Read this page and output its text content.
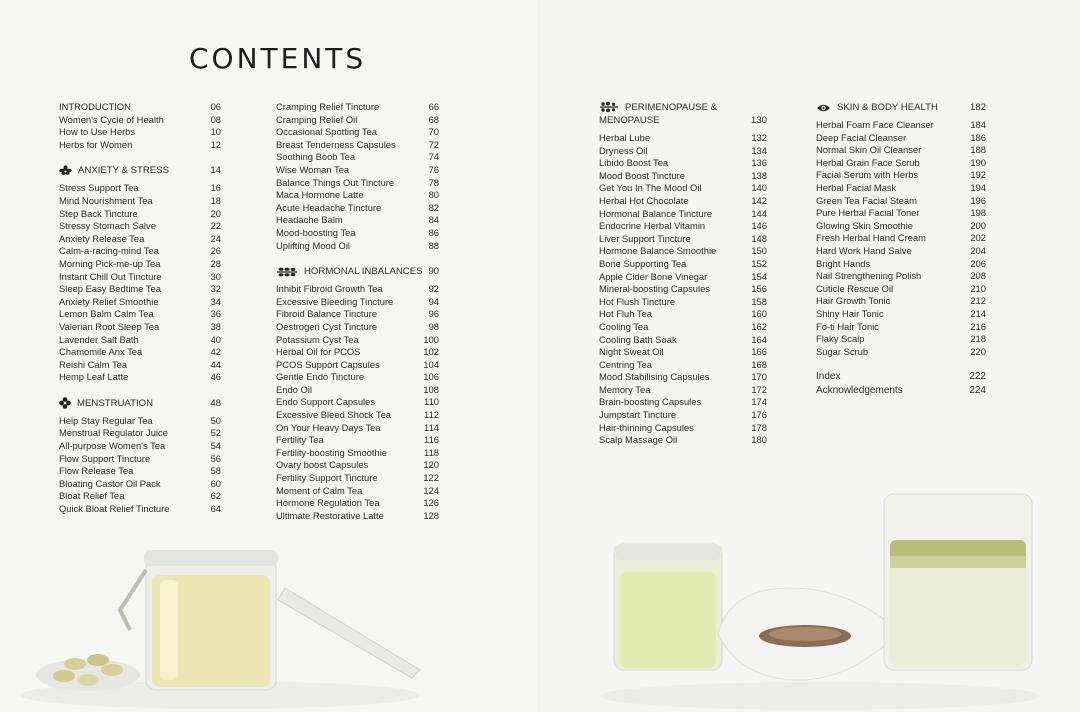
CONTENTS
INTRODUCTION	06
Women's Cycle of Health	08
How to Use Herbs	10
Herbs for Women	12
ANXIETY & STRESS	14
Stress Support Tea	16
Mind Nourishment Tea	18
Step Back Tincture	20
Stressy Stomach Salve	22
Anxiety Release Tea	24
Calm-a-racing-mind Tea	26
Morning Pick-me-up Tea	28
Instant Chill Out Tincture	30
Sleep Easy Bedtime Tea	32
Anxiety Relief Smoothie	34
Lemon Balm Calm Tea	36
Valerian Root Sleep Tea	38
Lavender Salt Bath	40
Chamomile Anx Tea	42
Reishi Calm Tea	44
Hemp Leaf Latte	46
MENSTRUATION	48
Help Stay Regular Tea	50
Menstrual Regulator Juice	52
All-purpose Women's Tea	54
Flow Support Tincture	56
Flow Release Tea	58
Bloating Castor Oil Pack	60
Bloat Relief Tea	62
Quick Bloat Relief Tincture	64
Cramping Relief Tincture	66
Cramping Relief Oil	68
Occasional Spotting Tea	70
Breast Tenderness Capsules	72
Soothing Boob Tea	74
Wise Woman Tea	76
Balance Things Out Tincture	78
Maca Hormone Latte	80
Acute Headache Tincture	82
Headache Balm	84
Mood-boosting Tea	86
Uplifting Mood Oil	88
HORMONAL INBALANCES 90
Inhibit Fibroid Growth Tea	92
Excessive Bleeding Tincture	94
Fibroid Balance Tincture	96
Oestrogen Cyst Tincture	98
Potassium Cyst Tea	100
Herbal Oil for PCOS	102
PCOS Support Capsules	104
Gentle Endo Tincture	106
Endo Oil	108
Endo Support Capsules	110
Excessive Bleed Shock Tea	112
On Your Heavy Days Tea	114
Fertility Tea	116
Fertility-boosting Smoothie	118
Ovary boost Capsules	120
Fertility Support Tincture	122
Moment of Calm Tea	124
Hormone Regulation Tea	126
Ultimate Restorative Latte	128
PERIMENOPAUSE &
MENOPAUSE	130
Herbal Lube	132
Dryness Oil	134
Libido Boost Tea	136
Mood Boost Tincture	138
Get You In The Mood Oil	140
Herbal Hot Chocolate	142
Hormonal Balance Tincture	144
Endocrine Herbal Vitamin	146
Liver Support Tincture	148
Hormone Balance Smoothie	150
Bone Supporting Tea	152
Apple Cider Bone Vinegar	154
Mineral-boosting Capsules	156
Hot Flush Tincture	158
Hot Fluh Tea	160
Cooling Tea	162
Cooling Bath Soak	164
Night Sweat Oil	166
Centring Tea	168
Mood Stabilising Capsules	170
Memory Tea	172
Brain-boosting Capsules	174
Jumpstart Tincture	176
Hair-thinning Capsules	178
Scalp Massage Oil	180
SKIN & BODY HEALTH	182
Herbal Foam Face Cleanser	184
Deep Facial Cleanser	186
Normal Skin Oil Cleanser	188
Herbal Grain Face Scrub	190
Facial Serum with Herbs	192
Herbal Facial Mask	194
Green Tea Facial Steam	196
Pure Herbal Facial Toner	198
Glowing Skin Smoothie	200
Fresh Herbal Hand Cream	202
Hard Work Hand Salve	204
Bright Hands	206
Nail Strengthening Polish	208
Cuticle Rescue Oil	210
Hair Growth Tonic	212
Shiny Hair Tonic	214
Fo-ti Hair Tonic	216
Flaky Scalp	218
Sugar Scrub	220
Index	222
Acknowledgements	224
